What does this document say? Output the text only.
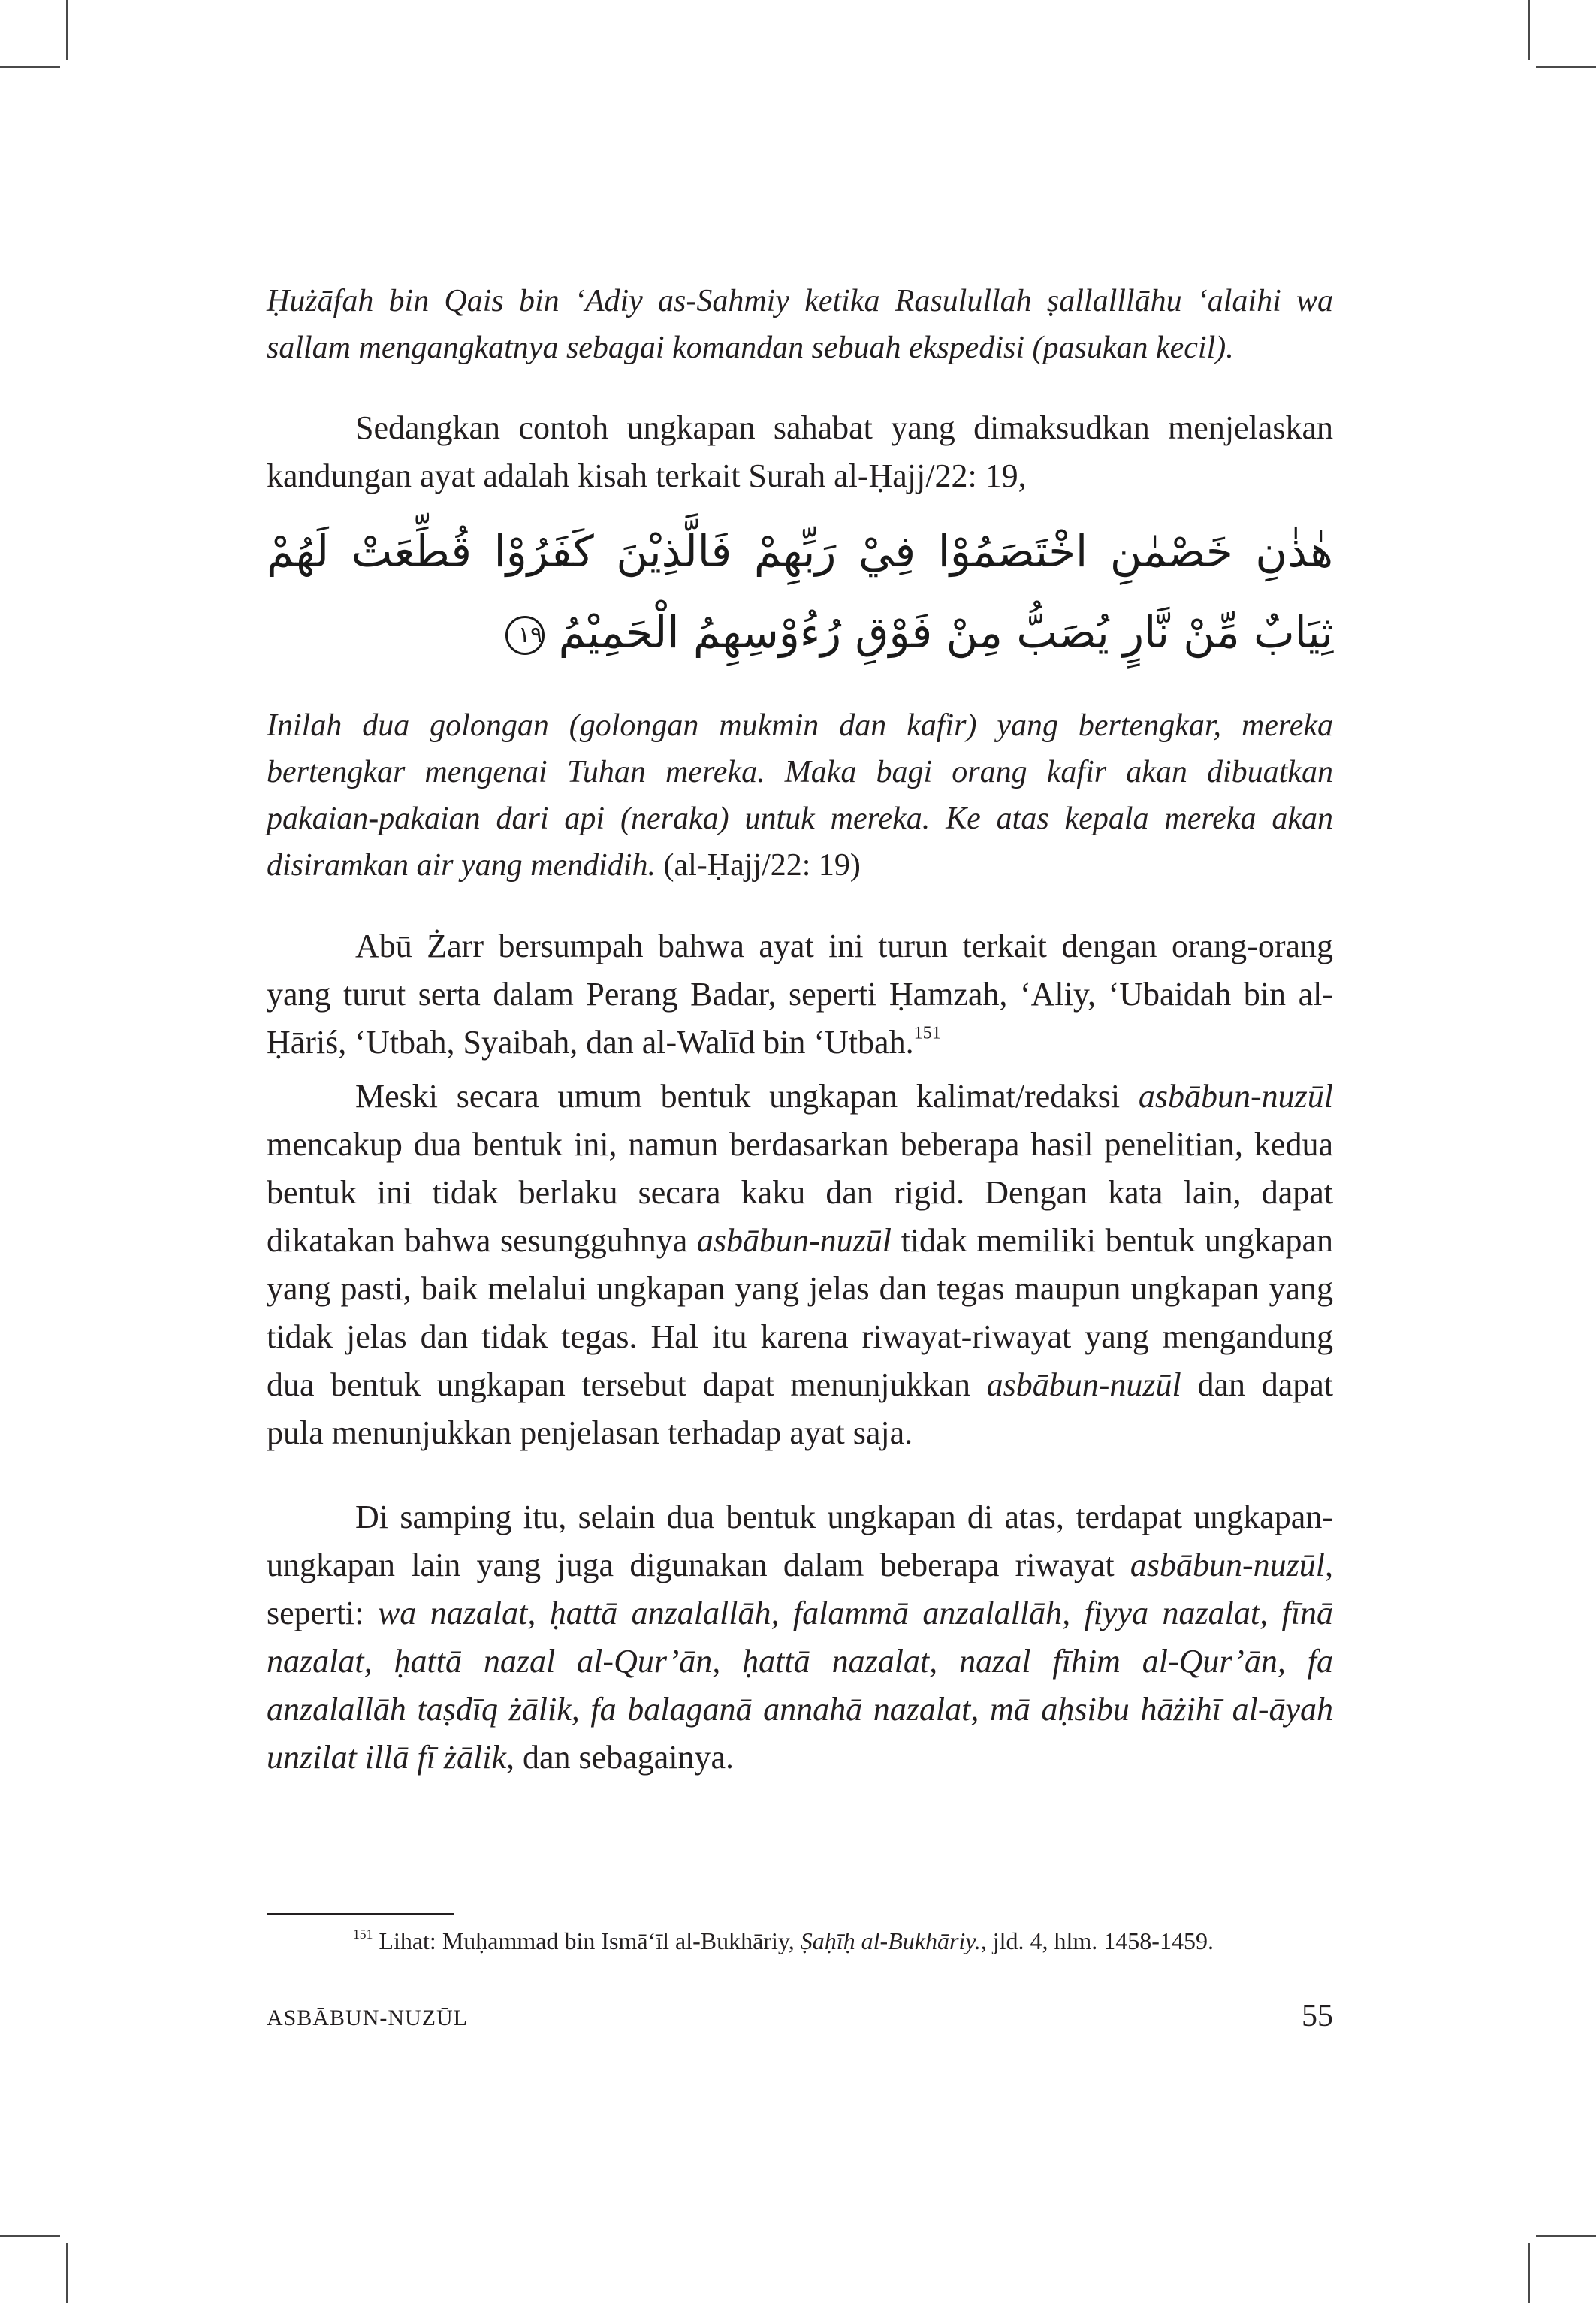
Ḥużāfah bin Qais bin ‘Adiy as-Sahmiy ketika Rasulullah ṣallalllāhu ‘alaihi wa sallam mengangkatnya sebagai komandan sebuah ekspedisi (pasukan kecil).

Sedangkan contoh ungkapan sahabat yang dimaksudkan menjelaskan kandungan ayat adalah kisah terkait Surah al-Ḥajj/22: 19,

هٰذٰنِ خَصْمٰنِ اخْتَصَمُوْا فِيْ رَبِّهِمْ فَالَّذِيْنَ كَفَرُوْا قُطِّعَتْ لَهُمْ ثِيَابٌ مِّنْ نَّارٍ يُصَبُّ مِنْ فَوْقِ رُءُوْسِهِمُ الْحَمِيْمُ ١٩
Inilah dua golongan (golongan mukmin dan kafir) yang bertengkar, mereka bertengkar mengenai Tuhan mereka. Maka bagi orang kafir akan dibuatkan pakaian-pakaian dari api (neraka) untuk mereka. Ke atas kepala mereka akan disiramkan air yang mendidih. (al-Ḥajj/22: 19)

Abū Żarr bersumpah bahwa ayat ini turun terkait dengan orang-orang yang turut serta dalam Perang Badar, seperti Ḥamzah, ‘Aliy, ‘Ubaidah bin al-Ḥāriś, ‘Utbah, Syaibah, dan al-Walīd bin ‘Utbah.$^{151}$

Meski secara umum bentuk ungkapan kalimat/redaksi asbābun-nuzūl mencakup dua bentuk ini, namun berdasarkan beberapa hasil penelitian, kedua bentuk ini tidak berlaku secara kaku dan rigid. Dengan kata lain, dapat dikatakan bahwa sesungguhnya asbābun-nuzūl tidak memiliki bentuk ungkapan yang pasti, baik melalui ungkapan yang jelas dan tegas maupun ungkapan yang tidak jelas dan tidak tegas. Hal itu karena riwayat-riwayat yang mengandung dua bentuk ungkapan tersebut dapat menunjukkan asbābun-nuzūl dan dapat pula menunjukkan penjelasan terhadap ayat saja.

Di samping itu, selain dua bentuk ungkapan di atas, terdapat ungkapan-ungkapan lain yang juga digunakan dalam beberapa riwayat asbābun-nuzūl, seperti: wa nazalat, ḥattā anzalallāh, falammā anzalallāh, fiyya nazalat, fīnā nazalat, ḥattā nazal al-Qur’ān, ḥattā nazalat, nazal fīhim al-Qur’ān, fa anzalallāh taṣdīq żālik, fa balaganā annahā nazalat, mā aḥsibu hāżihī al-āyah unzilat illā fī żālik, dan sebagainya.

$^{151}$ Lihat: Muḥammad bin Ismā‘īl al-Bukhāriy, Ṣaḥīḥ al-Bukhāriy., jld. 4, hlm. 1458-1459.
ASBĀBUN-NUZŪL	55
